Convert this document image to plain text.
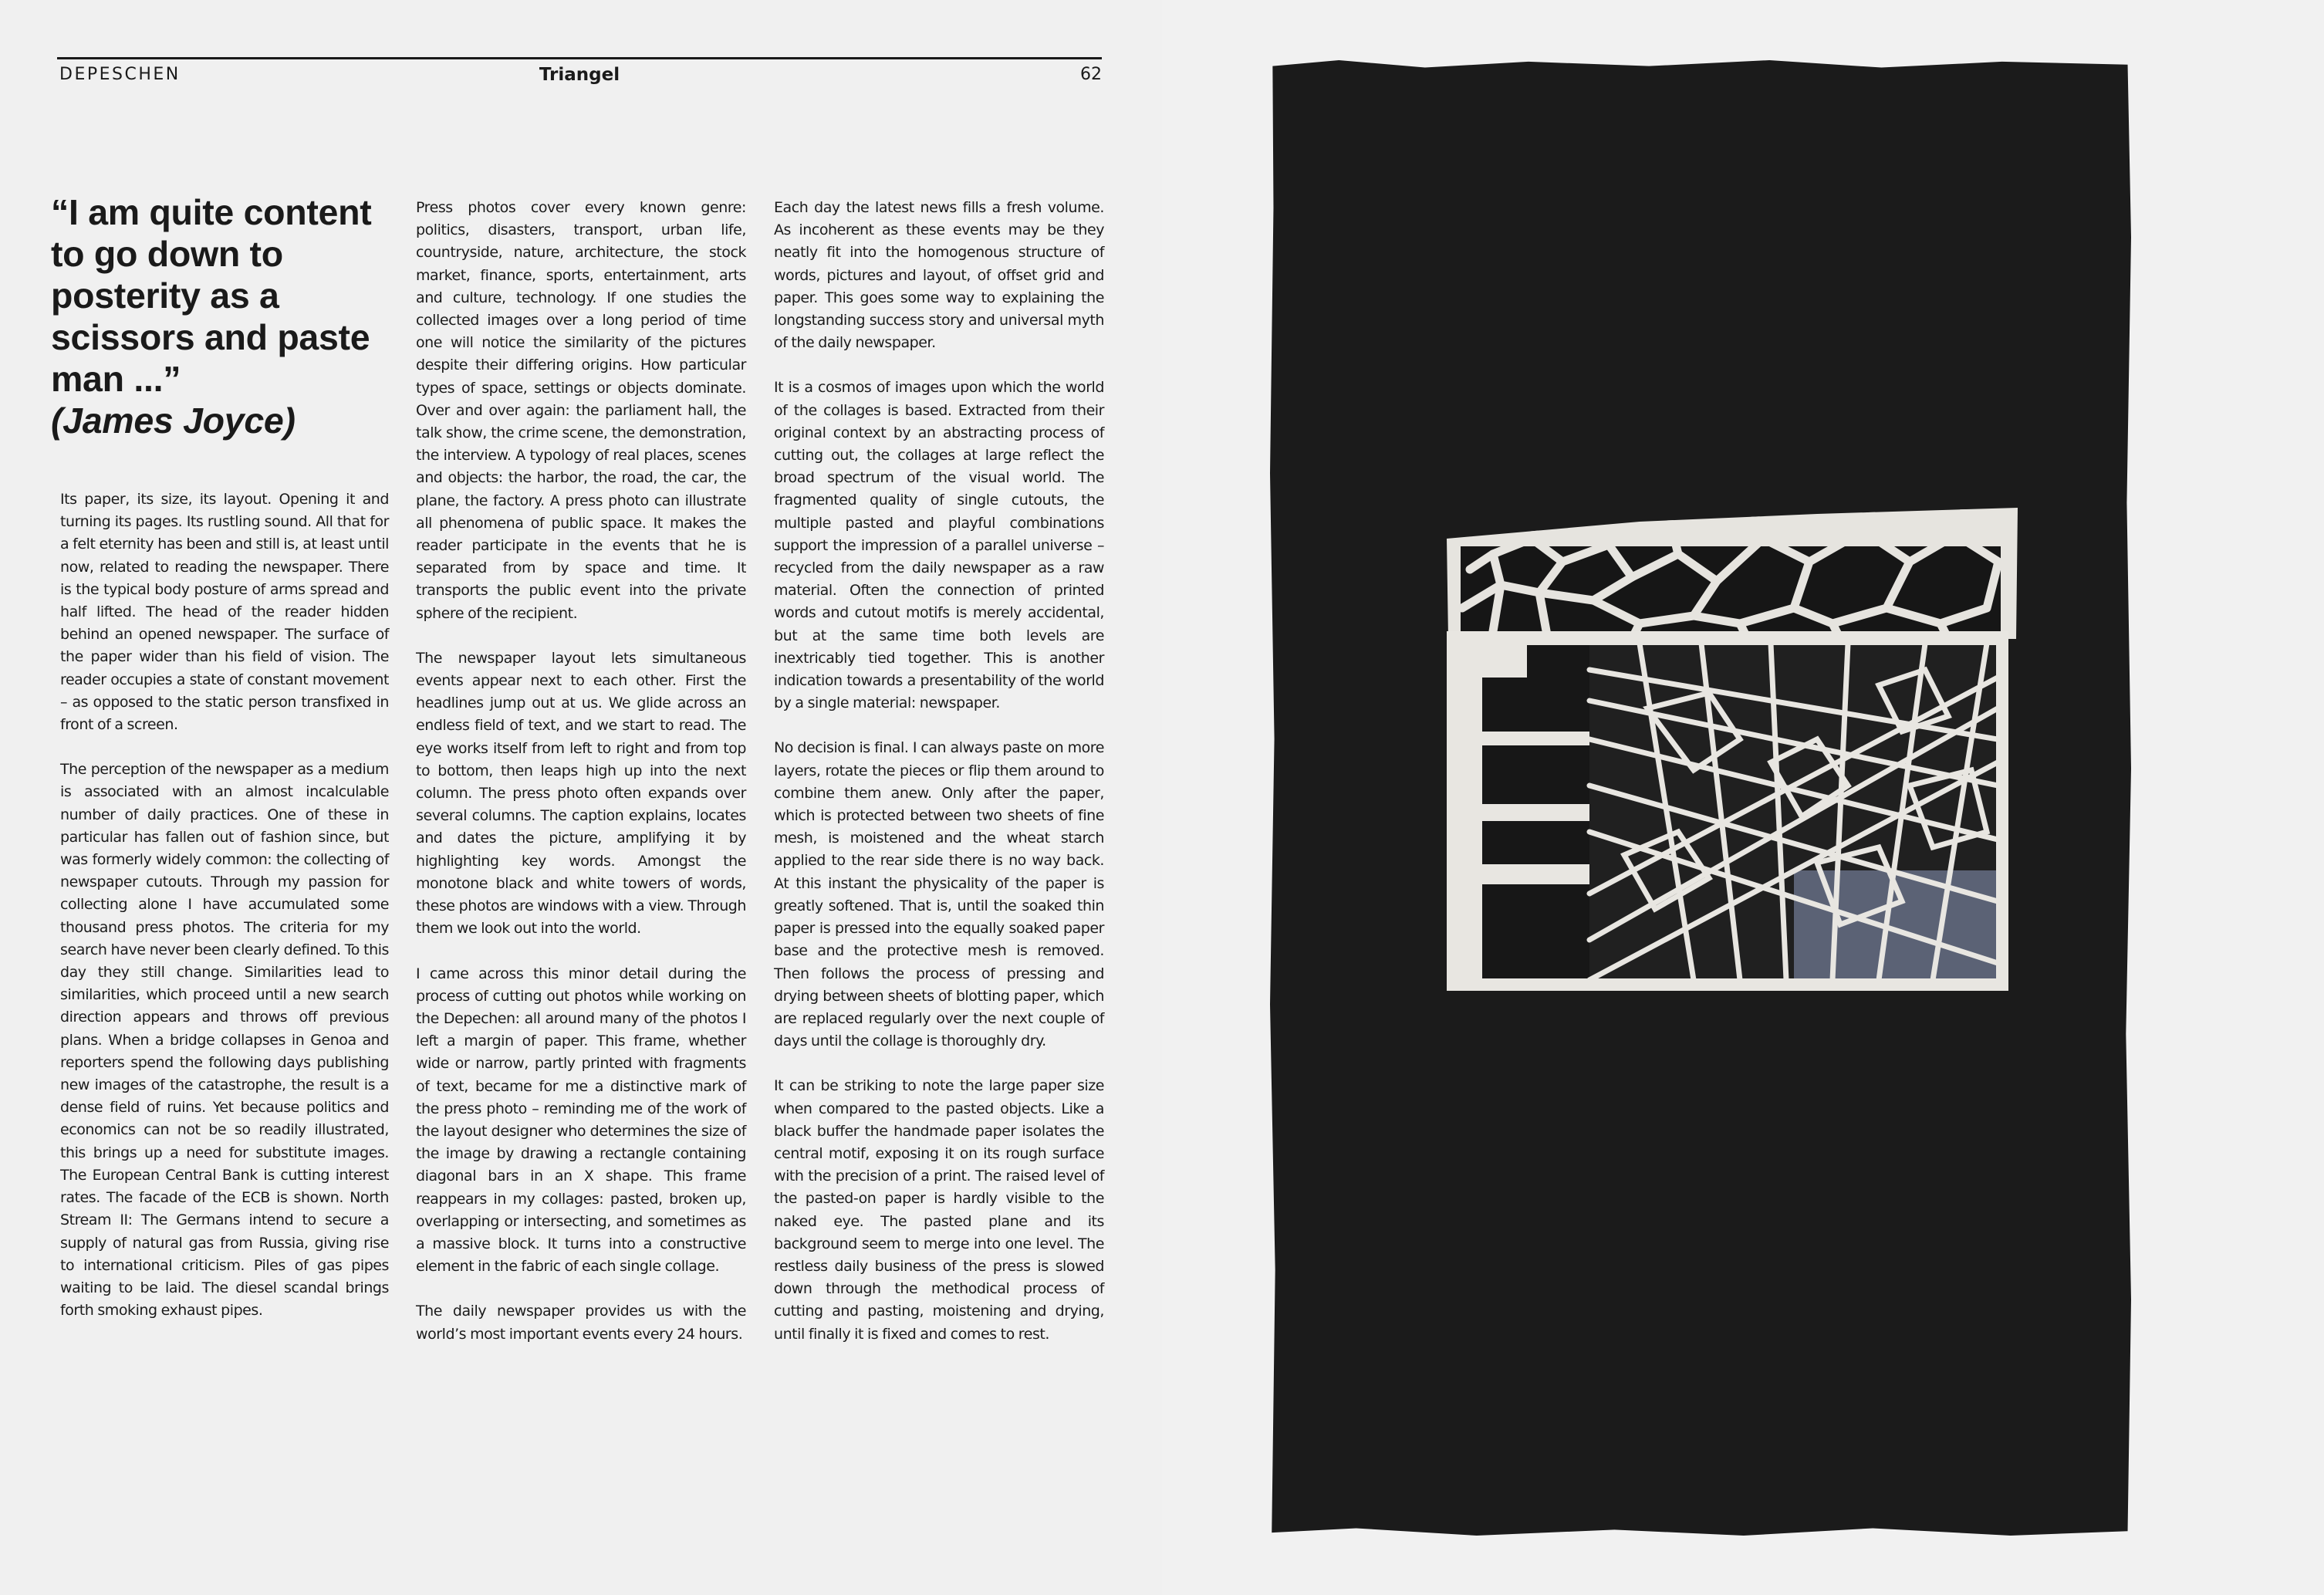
DEPESCHEN	Triangel	62
“I am quite content to go down to posterity as a scissors and paste man ...”
(James Joyce)

Its paper, its size, its layout. Opening it and turning its pages. Its rustling sound. All that for a felt eternity has been and still is, at least until now, related to reading the newspaper. There is the typical body posture of arms spread and half lifted. The head of the reader hidden behind an opened newspaper. The surface of the paper wider than his field of vision. The reader occupies a state of constant movement – as opposed to the static person transfixed in front of a screen.

The perception of the newspaper as a medium is associated with an almost incalculable number of daily practices. One of these in particular has fallen out of fashion since, but was formerly widely common: the collecting of newspaper cutouts. Through my passion for collecting alone I have accumulated some thousand press photos. The criteria for my search have never been clearly defined. To this day they still change. Similarities lead to similarities, which proceed until a new search direction appears and throws off previous plans. When a bridge collapses in Genoa and reporters spend the following days publishing new images of the catastrophe, the result is a dense field of ruins. Yet because politics and economics can not be so readily illustrated, this brings up a need for substitute images. The European Central Bank is cutting interest rates. The facade of the ECB is shown. North Stream II: The Germans intend to secure a supply of natural gas from Russia, giving rise to international criticism. Piles of gas pipes waiting to be laid. The diesel scandal brings forth smoking exhaust pipes.

Press photos cover every known genre: politics, disasters, transport, urban life, countryside, nature, architecture, the stock market, finance, sports, entertainment, arts and culture, technology. If one studies the collected images over a long period of time one will notice the similarity of the pictures despite their differing origins. How particular types of space, settings or objects dominate. Over and over again: the parliament hall, the talk show, the crime scene, the demonstration, the interview. A typology of real places, scenes and objects: the harbor, the road, the car, the plane, the factory. A press photo can illustrate all phenomena of public space. It makes the reader participate in the events that he is separated from by space and time. It transports the public event into the private sphere of the recipient.

The newspaper layout lets simultaneous events appear next to each other. First the headlines jump out at us. We glide across an endless field of text, and we start to read. The eye works itself from left to right and from top to bottom, then leaps high up into the next column. The press photo often expands over several columns. The caption explains, locates and dates the picture, amplifying it by highlighting key words. Amongst the monotone black and white towers of words, these photos are windows with a view. Through them we look out into the world.

I came across this minor detail during the process of cutting out photos while working on the Depechen: all around many of the photos I left a margin of paper. This frame, whether wide or narrow, partly printed with fragments of text, became for me a distinctive mark of the press photo – reminding me of the work of the layout designer who determines the size of the image by drawing a rectangle containing diagonal bars in an X shape. This frame reappears in my collages: pasted, broken up, overlapping or intersecting, and sometimes as a massive block. It turns into a constructive element in the fabric of each single collage.

The daily newspaper provides us with the world’s most important events every 24 hours.

Each day the latest news fills a fresh volume. As incoherent as these events may be they neatly fit into the homogenous structure of words, pictures and layout, of offset grid and paper. This goes some way to explaining the longstanding success story and universal myth of the daily newspaper.

It is a cosmos of images upon which the world of the collages is based. Extracted from their original context by an abstracting process of cutting out, the collages at large reflect the broad spectrum of the visual world. The fragmented quality of single cutouts, the multiple pasted and playful combinations support the impression of a parallel universe – recycled from the daily newspaper as a raw material. Often the connection of printed words and cutout motifs is merely accidental, but at the same time both levels are inextricably tied together. This is another indication towards a presentability of the world by a single material: newspaper.

No decision is final. I can always paste on more layers, rotate the pieces or flip them around to combine them anew. Only after the paper, which is protected between two sheets of fine mesh, is moistened and the wheat starch applied to the rear side there is no way back. At this instant the physicality of the paper is greatly softened. That is, until the soaked thin paper is pressed into the equally soaked paper base and the protective mesh is removed. Then follows the process of pressing and drying between sheets of blotting paper, which are replaced regularly over the next couple of days until the collage is thoroughly dry.

It can be striking to note the large paper size when compared to the pasted objects. Like a black buffer the handmade paper isolates the central motif, exposing it on its rough surface with the precision of a print. The raised level of the pasted-on paper is hardly visible to the naked eye. The pasted plane and its background seem to merge into one level. The restless daily business of the press is slowed down through the methodical process of cutting and pasting, moistening and drying, until finally it is fixed and comes to rest.
